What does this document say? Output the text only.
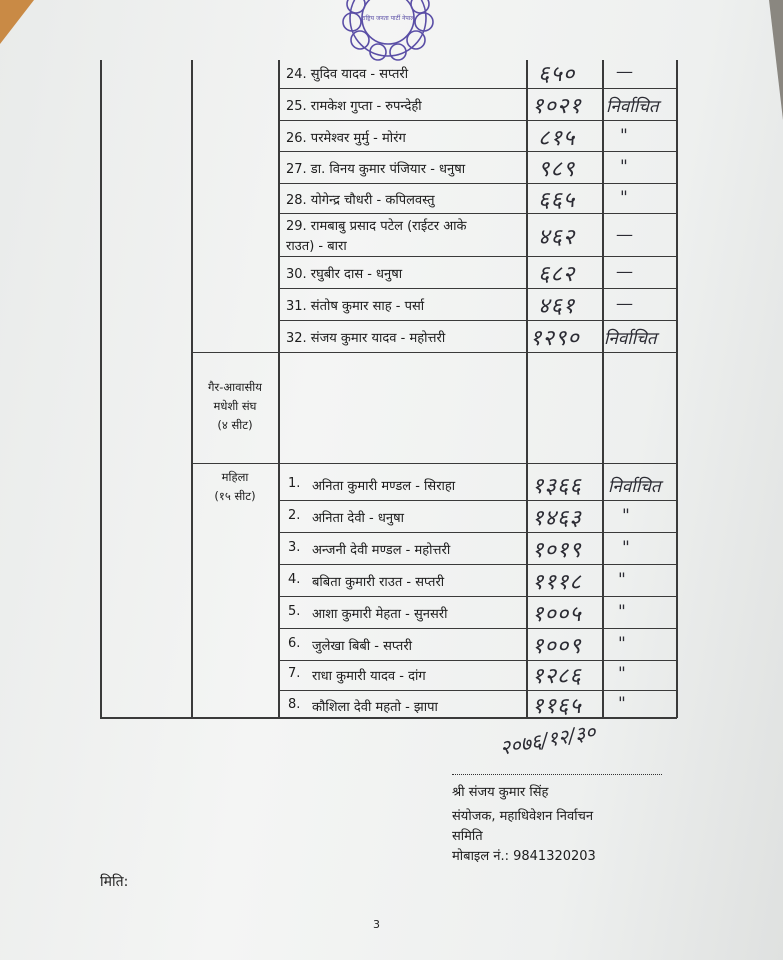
राष्ट्रिय जनता पार्टी नेपाल
24. सुदिव यादव - सप्तरी	६५० —
25. रामकेश गुप्ता - रुपन्देही	१०२१ निर्वाचित
26. परमेश्वर मुर्मु - मोरंग	८१५	"
27. डा. विनय कुमार पंजियार - धनुषा	९८९	"
28. योगेन्द्र चौधरी - कपिलवस्तु	६६५	"
29. रामबाबु प्रसाद पटेल (राईटर आके
राउत) - बारा	४६२ —
30. रघुबीर दास - धनुषा	६८२ —
31. संतोष कुमार साह - पर्सा	४६१ —
32. संजय कुमार यादव - महोत्तरी	१२९० निर्वाचित
गैर-आवासीय
मधेशी संघ
(४ सीट)
महिला
(१५ सीट)
1. अनिता कुमारी मण्डल - सिराहा	१३६६ निर्वाचित
2. अनिता देवी - धनुषा	१४६३ "
3. अन्जनी देवी मण्डल - महोत्तरी	१०१९ "
4. बबिता कुमारी राउत - सप्तरी	१११८ "
5. आशा कुमारी मेहता - सुनसरी	१००५ "
6. जुलेखा बिबी - सप्तरी	१००९ "
7. राधा कुमारी यादव - दांग	१२८६ "
8. कौशिला देवी महतो - झापा	११६५ "
२०७६/१२/३०
श्री संजय कुमार सिंह
संयोजक, महाधिवेशन निर्वाचन
समिति
मोबाइल नं.: 9841320203
मिति:
3
